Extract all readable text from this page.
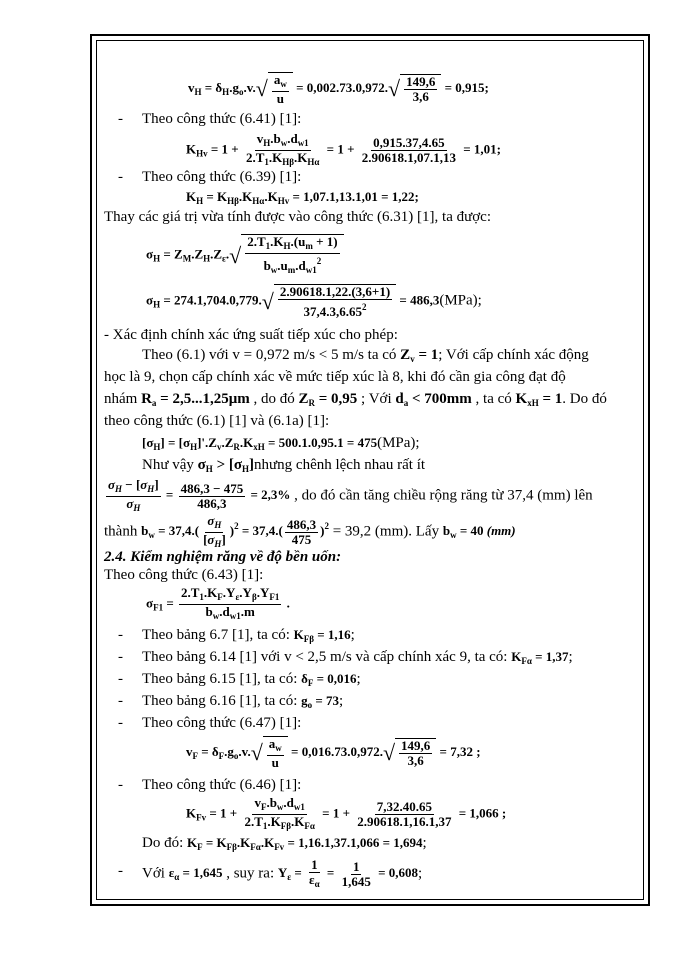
$v_H = \delta_H.g_o.v$. √ $\frac{a_w}{u} = 0,002.73.0,972$. √ $\frac{149,6}{3,6} = 0,915$;
- Theo công thức (6.41) [1]:
$K_{Hv} = 1 + \frac{v_H.b_w.d_{w1}}{2.T_1.K_{H\beta}.K_{H\alpha}} = 1 + \frac{0,915.37,4.65}{2.90618.1,07.1,13} = 1,01$;
- Theo công thức (6.39) [1]:
$K_H = K_{H\beta}.K_{H\alpha}.K_{Hv} = 1,07.1,13.1,01 = 1,22$;
Thay các giá trị vừa tính được vào công thức (6.31) [1], ta được:
$\sigma_H = Z_M.Z_H.Z_\varepsilon$. √ $\frac{2.T_1.K_H.(u_m + 1)}{b_w.u_m.d_{w1}^2}$
$\sigma_H = 274.1,704.0,779$. √ $\frac{2.90618.1,22.(3,6+1)}{37,4.3,6.65^2} = 486,3(MPa)$;
- Xác định chính xác ứng suất tiếp xúc cho phép:
Theo (6.1) với v = 0,972 m/s < 5 m/s ta có $Z_v = 1$; Với cấp chính xác động
học là 9, chọn cấp chính xác về mức tiếp xúc là 8, khi đó cần gia công đạt độ
nhám $R_a = 2,5...1,25\mu m$ , do đó $Z_R = 0,95$ ; Với $d_a < 700mm$ , ta có $K_{xH} = 1$. Do đó
theo công thức (6.1) [1] và (6.1a) [1]:
$[\sigma_H] = [\sigma_H]'.Z_v.Z_R.K_{xH} = 500.1.0,95.1 = 475(MPa)$;
Như vậy $\sigma_H$ > $[\sigma_H]nhưng$ chênh lệch nhau rất ít
$\frac{\sigma_H - [\sigma_H]}{\sigma_H} = \frac{486,3 - 475}{486,3} = 2,3\%$ , do đó cần tăng chiều rộng răng từ 37,4 (mm) lên
thành $b_w = 37,4.( \frac{\sigma_H}{[\sigma_H]} )^2 = 37,4.( \frac{486,3}{475} )^2 = 39,2$ (mm). Lấy $b_w = 40$ (mm)
2.4. Kiểm nghiệm răng về độ bền uốn:
Theo công thức (6.43) [1]:
$\sigma_{F1} = \frac{2.T_1.K_F.Y_\varepsilon.Y_\beta.Y_{F1}}{b_w.d_{w1}.m}$ .
- Theo bảng 6.7 [1], ta có: $K_{F\beta} = 1,16$;
- Theo bảng 6.14 [1] với v < 2,5 m/s và cấp chính xác 9, ta có: $K_{F\alpha} = 1,37$;
- Theo bảng 6.15 [1], ta có: $\delta_F = 0,016$;
- Theo bảng 6.16 [1], ta có: $g_o = 73$;
- Theo công thức (6.47) [1]:
$v_F = \delta_F.g_o.v$. √ $\frac{a_w}{u} = 0,016.73.0,972$. √ $\frac{149,6}{3,6} = 7,32$ ;
- Theo công thức (6.46) [1]:
$K_{Fv} = 1 + \frac{v_F.b_w.d_{w1}}{2.T_1.K_{F\beta}.K_{F\alpha}} = 1 + \frac{7,32.40.65}{2.90618.1,16.1,37} = 1,066$ ;
Do đó: $K_F = K_{F\beta}.K_{F\alpha}.K_{Fv} = 1,16.1,37.1,066 = 1,694$;
- Với $\varepsilon_\alpha = 1,645$ , suy ra: $Y_\varepsilon = \frac{1}{\varepsilon_\alpha} = \frac{1}{1,645} = 0,608$;
